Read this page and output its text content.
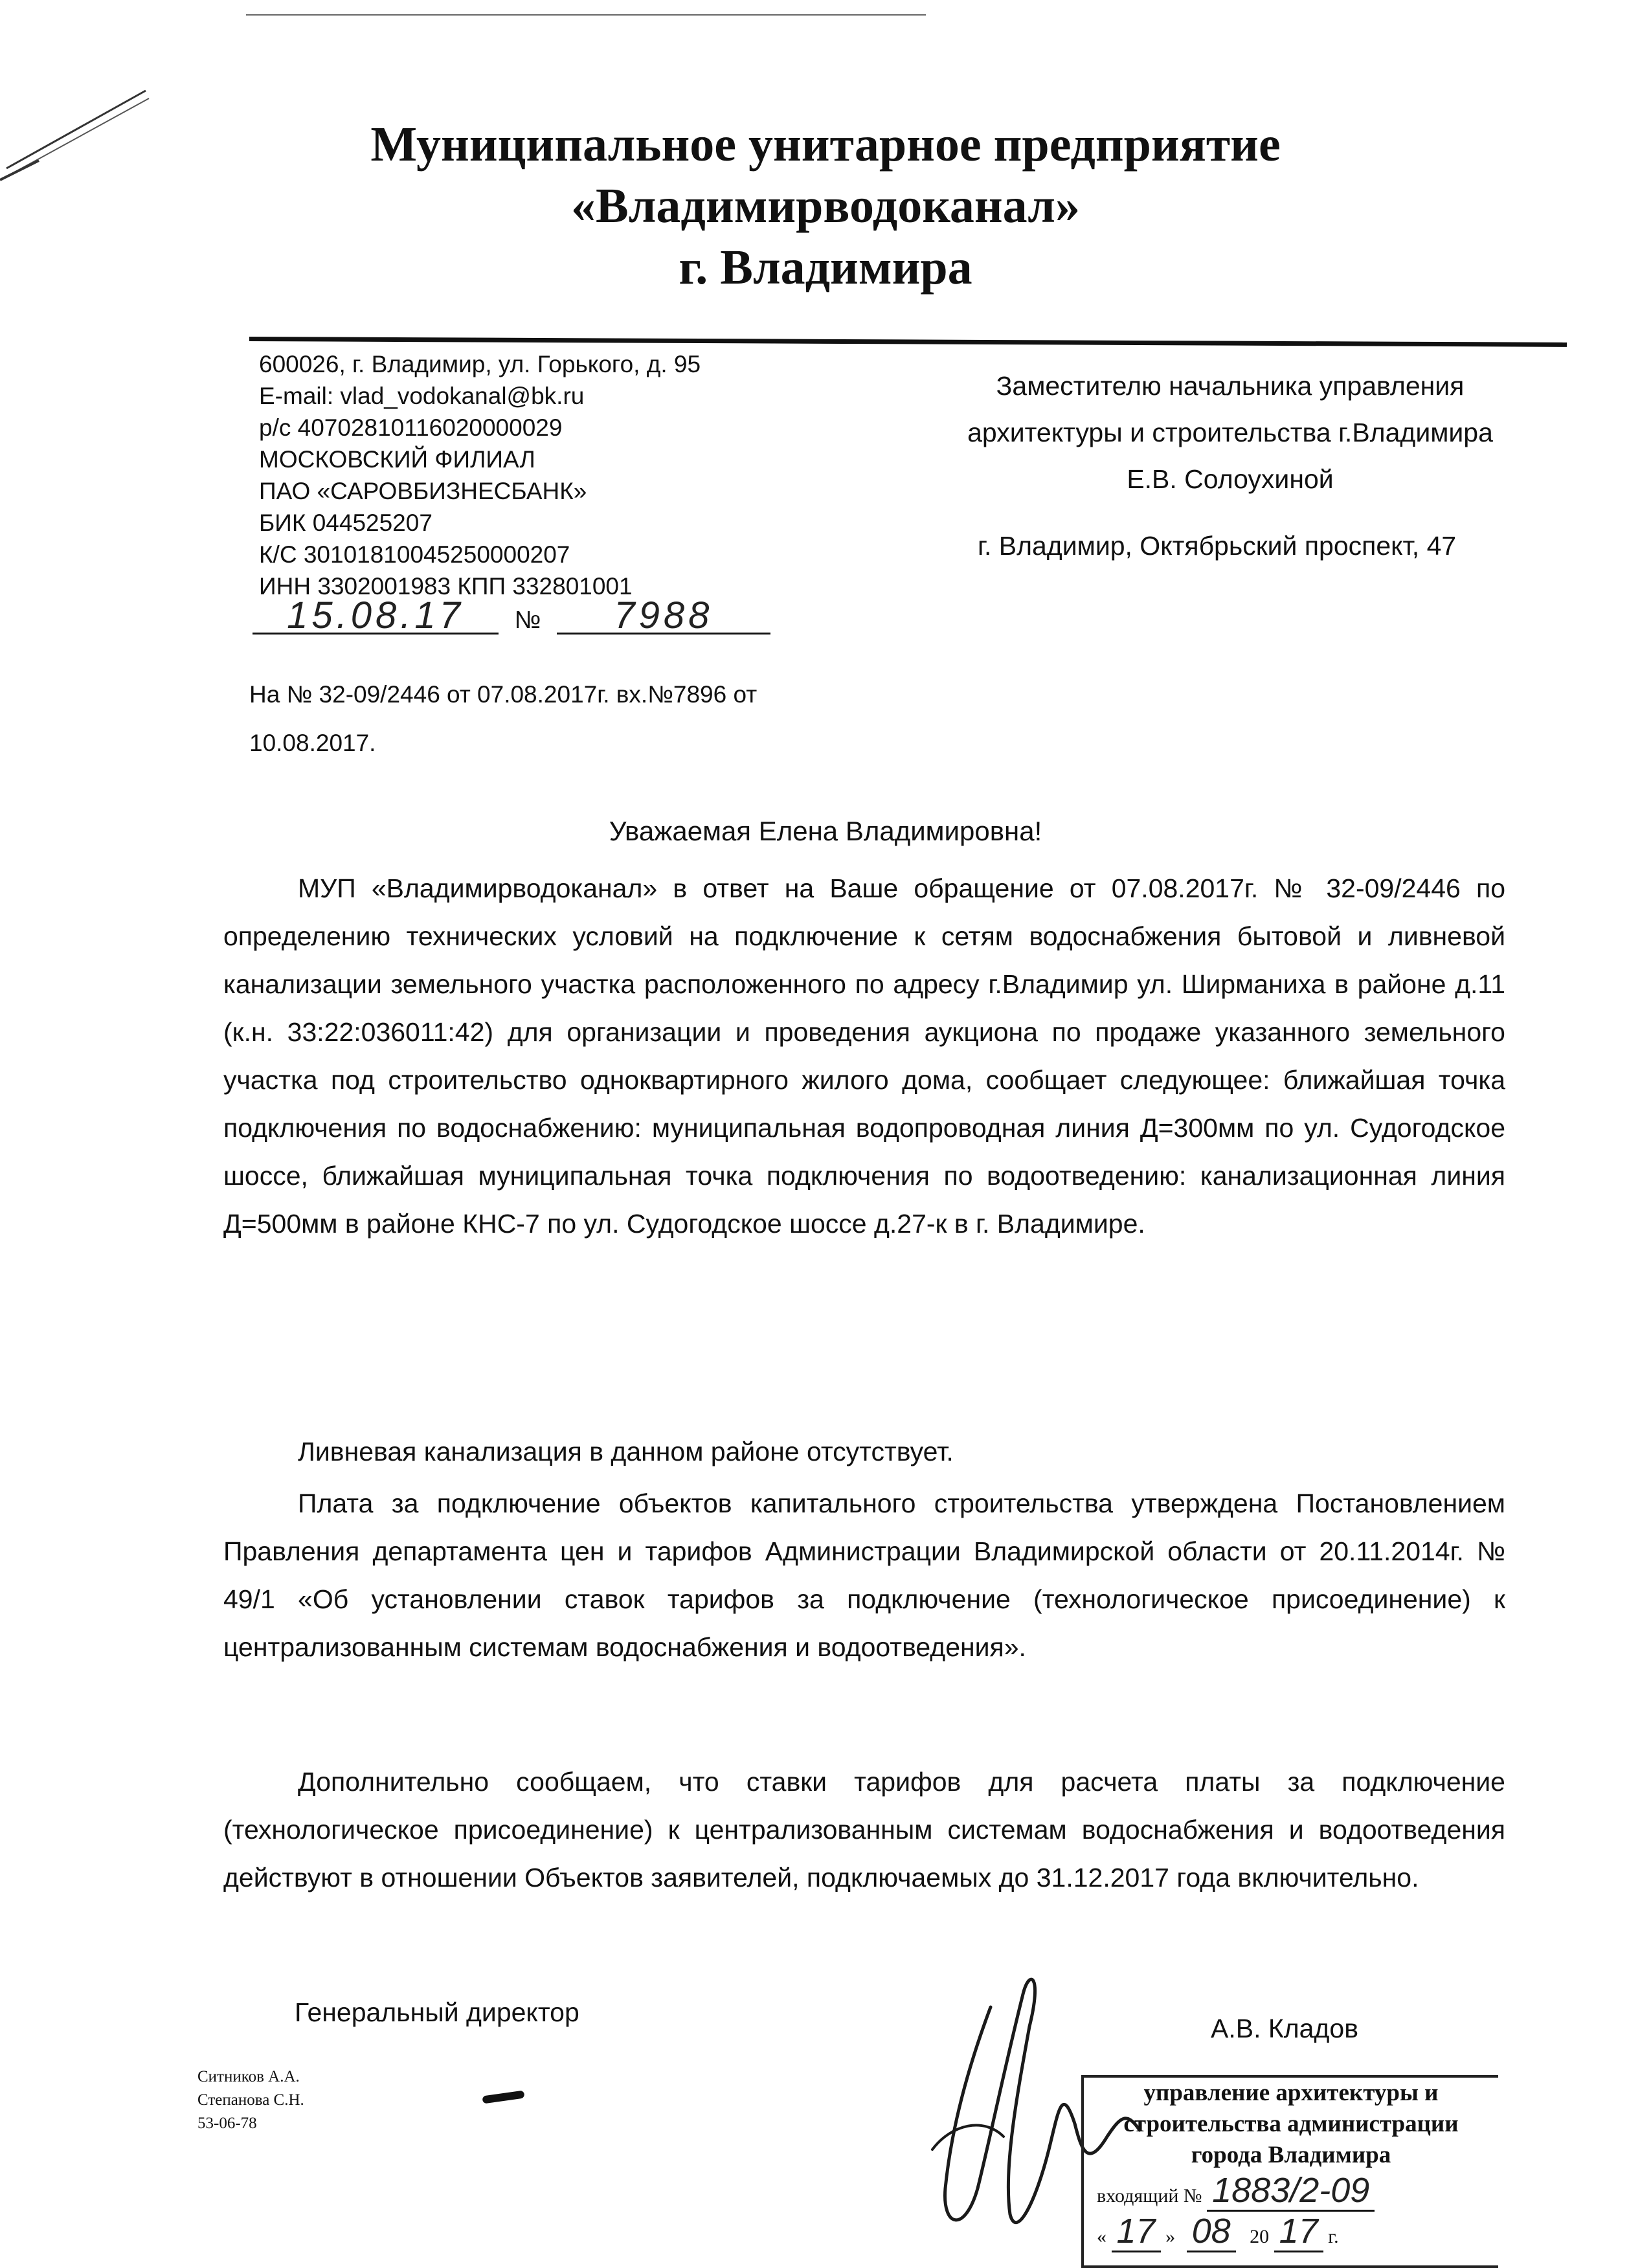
Муниципальное унитарное предприятие
«Владимирводоканал»
г. Владимира
600026, г. Владимир, ул. Горького, д. 95
E-mail: vlad_vodokanal@bk.ru
р/с 40702810116020000029
МОСКОВСКИЙ ФИЛИАЛ
ПАО «САРОВБИЗНЕСБАНК»
БИК 044525207
К/С 30101810045250000207
ИНН 3302001983 КПП 332801001
15.08.17 № 7988
На № 32-09/2446 от 07.08.2017г. вх.№7896 от 10.08.2017.
Заместителю начальника управления
архитектуры и строительства г.Владимира
Е.В. Солоухиной
г. Владимир, Октябрьский проспект, 47
Уважаемая Елена Владимировна!

МУП «Владимирводоканал» в ответ на Ваше обращение от 07.08.2017г. № 32-09/2446 по определению технических условий на подключение к сетям водоснабжения бытовой и ливневой канализации земельного участка расположенного по адресу г.Владимир ул. Ширманиха в районе д.11 (к.н. 33:22:036011:42) для организации и проведения аукциона по продаже указанного земельного участка под строительство одноквартирного жилого дома, сообщает следующее: ближайшая точка подключения по водоснабжению: муниципальная водопроводная линия Д=300мм по ул. Судогодское шоссе, ближайшая муниципальная точка подключения по водоотведению: канализационная линия Д=500мм в районе КНС-7 по ул. Судогодское шоссе д.27-к в г. Владимире.

Ливневая канализация в данном районе отсутствует.

Плата за подключение объектов капитального строительства утверждена Постановлением Правления департамента цен и тарифов Администрации Владимирской области от 20.11.2014г. № 49/1 «Об установлении ставок тарифов за подключение (технологическое присоединение) к централизованным системам водоснабжения и водоотведения».

Дополнительно сообщаем, что ставки тарифов для расчета платы за подключение (технологическое присоединение) к централизованным системам водоснабжения и водоотведения действуют в отношении Объектов заявителей, подключаемых до 31.12.2017 года включительно.

Генеральный директор
А.В. Кладов
Ситников А.А.
Степанова С.Н.
53-06-78
управление архитектуры и
строительства администрации
города Владимира
входящий № 1883/2-09
« 17 » 08 20 17 г.
